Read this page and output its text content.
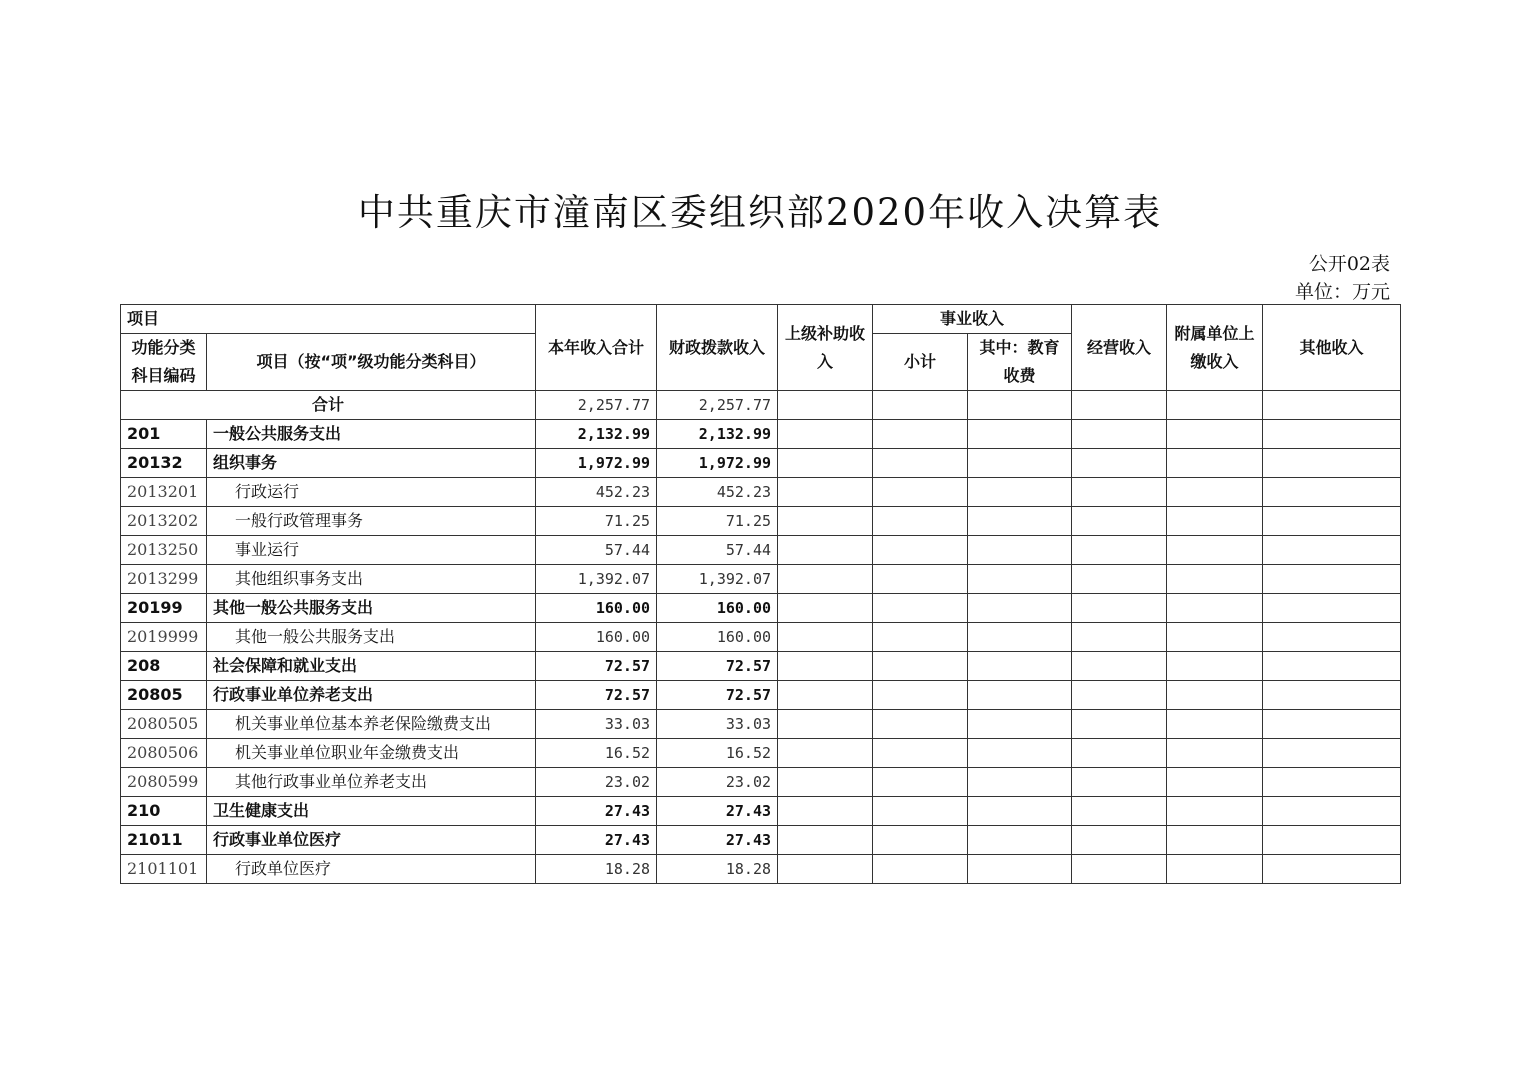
中共重庆市潼南区委组织部2020年收入决算表
公开02表
单位：万元
项目		本年收入合计	财政拨款收入	上级补助收入	事业收入		经营收入	附属单位上缴收入	其他收入
功能分类科目编码	项目（按“项”级功能分类科目）				小计	其中：教育收费			

合计		2,257.77	2,257.77						
201	一般公共服务支出	2,132.99	2,132.99						
20132	组织事务	1,972.99	1,972.99						
2013201	行政运行	452.23	452.23						
2013202	一般行政管理事务	71.25	71.25						
2013250	事业运行	57.44	57.44						
2013299	其他组织事务支出	1,392.07	1,392.07						
20199	其他一般公共服务支出	160.00	160.00						
2019999	其他一般公共服务支出	160.00	160.00						
208	社会保障和就业支出	72.57	72.57						
20805	行政事业单位养老支出	72.57	72.57						
2080505	机关事业单位基本养老保险缴费支出	33.03	33.03						
2080506	机关事业单位职业年金缴费支出	16.52	16.52						
2080599	其他行政事业单位养老支出	23.02	23.02						
210	卫生健康支出	27.43	27.43						
21011	行政事业单位医疗	27.43	27.43						
2101101	行政单位医疗	18.28	18.28						
